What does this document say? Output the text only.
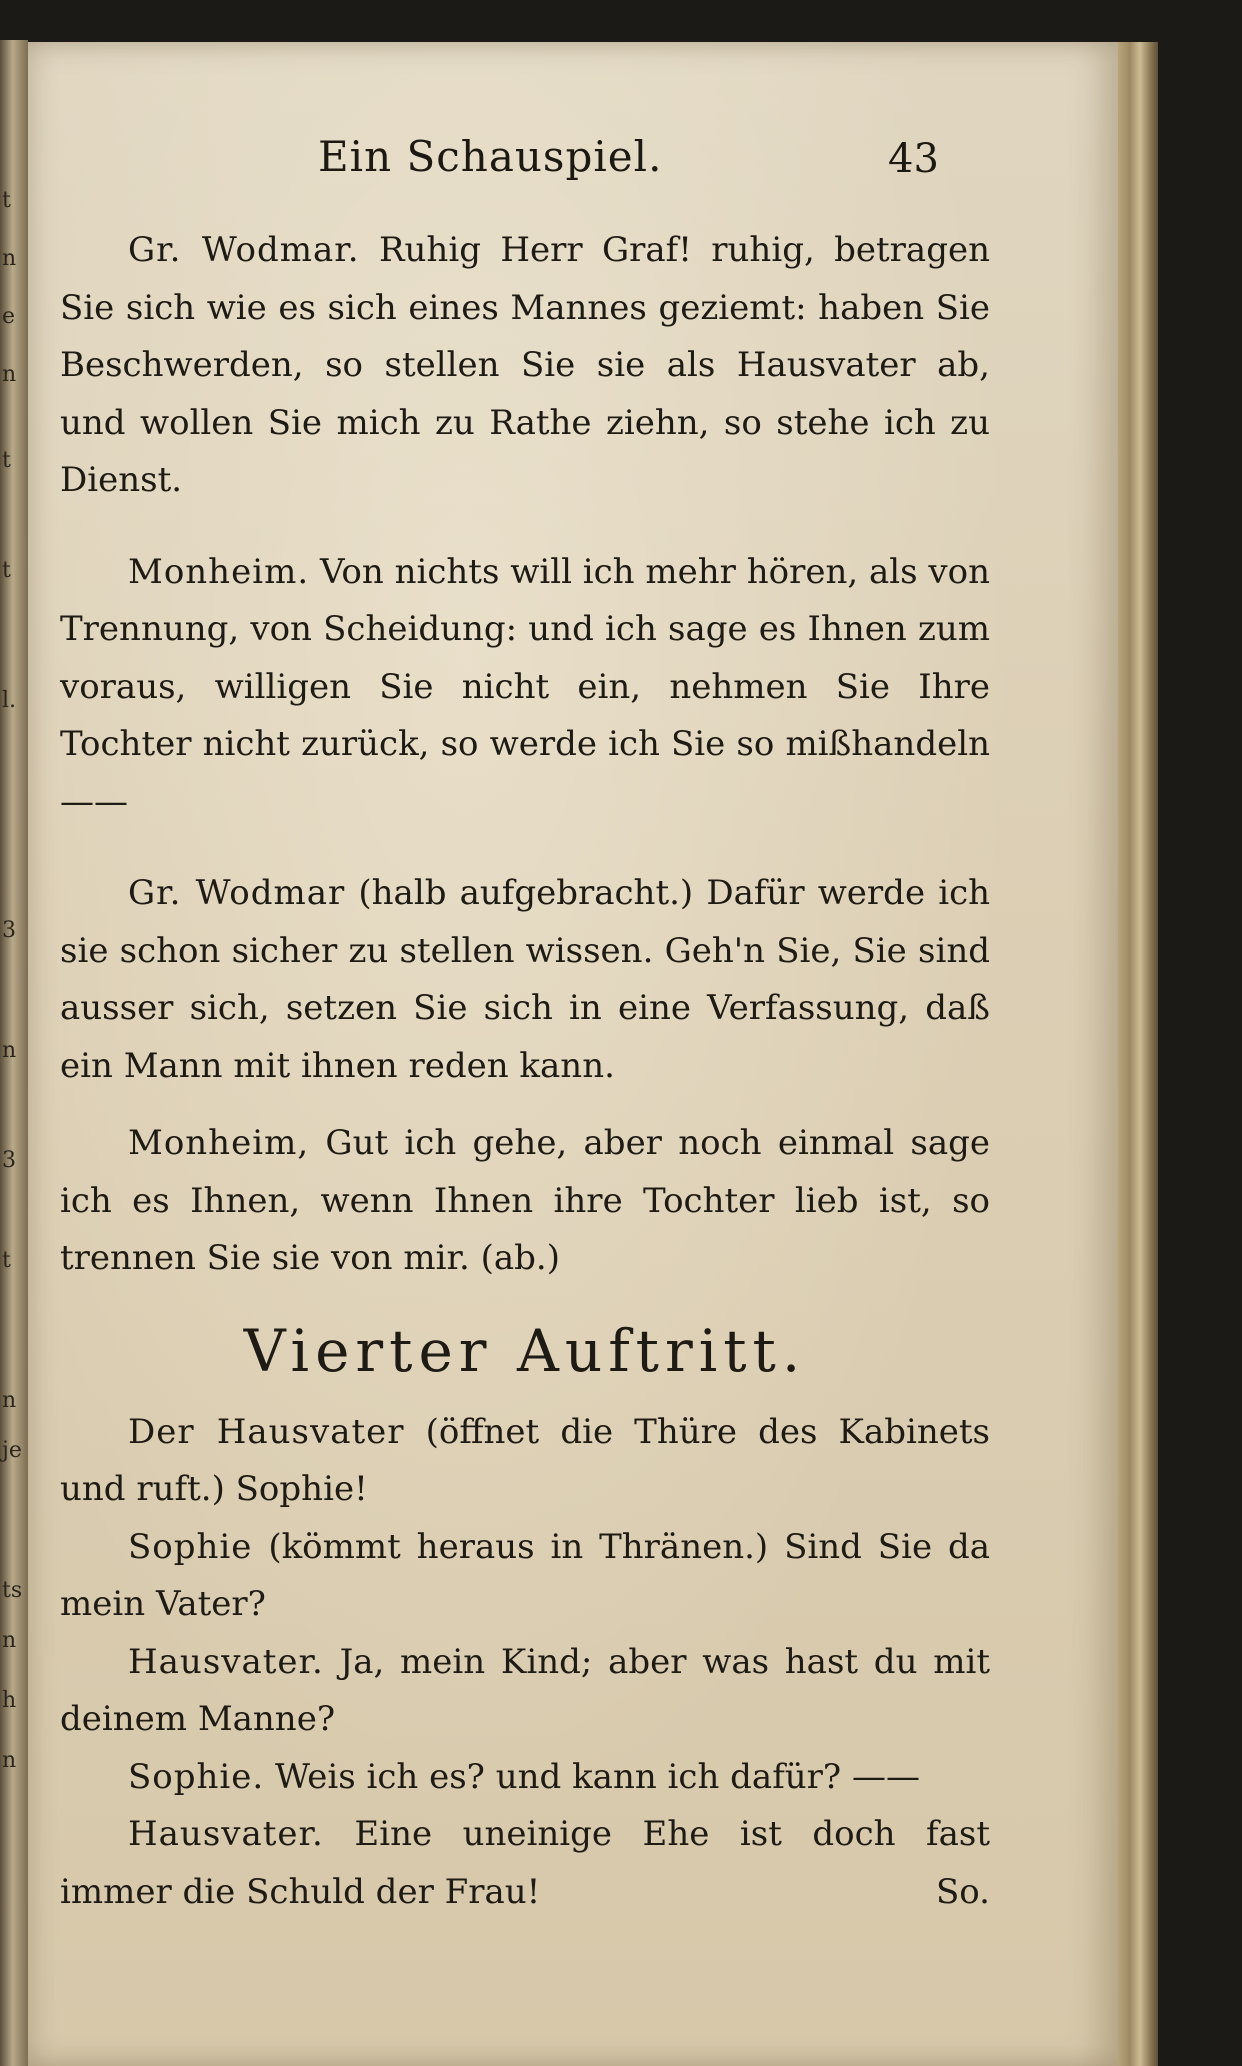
t
n
e
n
t
t
l.
3
n
3
t
n
je
ts
n
h
n
Ein Schauspiel.	43

Gr. Wodmar. Ruhig Herr Graf! ruhig, betragen Sie sich wie es sich eines Mannes geziemt: haben Sie Beschwerden, so stellen Sie sie als Hausvater ab, und wollen Sie mich zu Rathe ziehn, so stehe ich zu Dienst.

Monheim. Von nichts will ich mehr hören, als von Trennung, von Scheidung: und ich sage es Ihnen zum voraus, willigen Sie nicht ein, nehmen Sie Ihre Tochter nicht zurück, so werde ich Sie so mißhandeln ——

Gr. Wodmar (halb aufgebracht.) Dafür werde ich sie schon sicher zu stellen wissen. Geh'n Sie, Sie sind ausser sich, setzen Sie sich in eine Verfassung, daß ein Mann mit ihnen reden kann.

Monheim, Gut ich gehe, aber noch einmal sage ich es Ihnen, wenn Ihnen ihre Tochter lieb ist, so trennen Sie sie von mir. (ab.)

Vierter Auftritt.

Der Hausvater (öffnet die Thüre des Kabinets und ruft.) Sophie!

Sophie (kömmt heraus in Thränen.) Sind Sie da mein Vater?

Hausvater. Ja, mein Kind; aber was hast du mit deinem Manne?

Sophie. Weis ich es? und kann ich dafür? ——

Hausvater. Eine uneinige Ehe ist doch fast immer die Schuld der Frau!	So.
